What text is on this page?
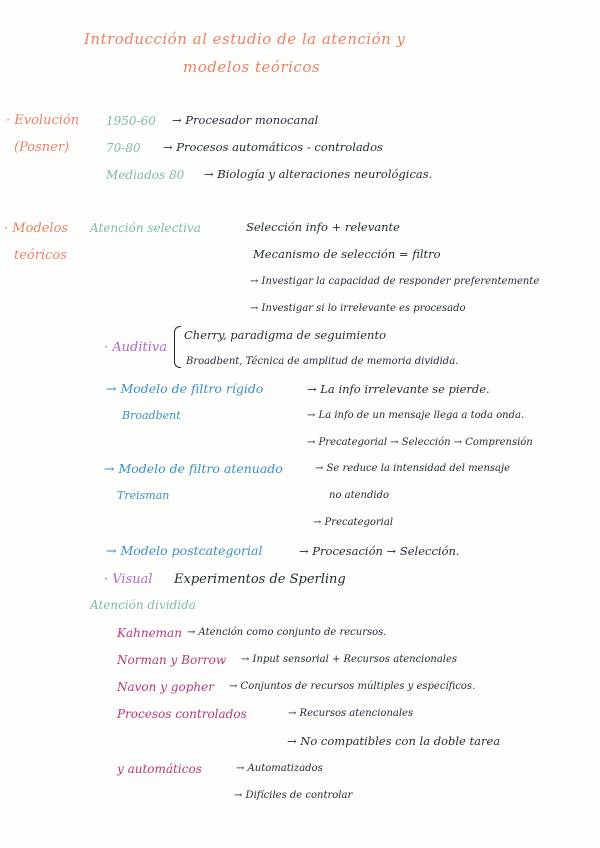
Introducción al estudio de la atención y
modelos teóricos
· Evolución
(Posner)
1950-60 → Procesador monocanal
70-80 → Procesos automáticos - controlados
Mediados 80 → Biología y alteraciones neurológicas.
· Modelos
teóricos
Atención selectiva	Selección info + relevante
Mecanismo de selección = filtro
→ Investigar la capacidad de responder preferentemente
→ Investigar si lo irrelevante es procesado
· Auditiva
Cherry, paradigma de seguimiento
Broadbent, Técnica de amplitud de memoria dividida.
→ Modelo de filtro rígido
Broadbent
→ La info irrelevante se pierde.
→ La info de un mensaje llega a toda onda.
→ Precategorial → Selección → Comprensión
→ Modelo de filtro atenuado
Treisman
→ Se reduce la intensidad del mensaje
no atendido
→ Precategorial
→ Modelo postcategorial	→ Procesación → Selección.
· Visual Experimentos de Sperling
Atención dividida
Kahneman → Atención como conjunto de recursos.
Norman y Borrow → Input sensorial + Recursos atencionales
Navon y gopher → Conjuntos de recursos múltiples y específicos.
Procesos controlados	→ Recursos atencionales
→ No compatibles con la doble tarea
y automáticos	→ Automatizados
→ Difíciles de controlar
